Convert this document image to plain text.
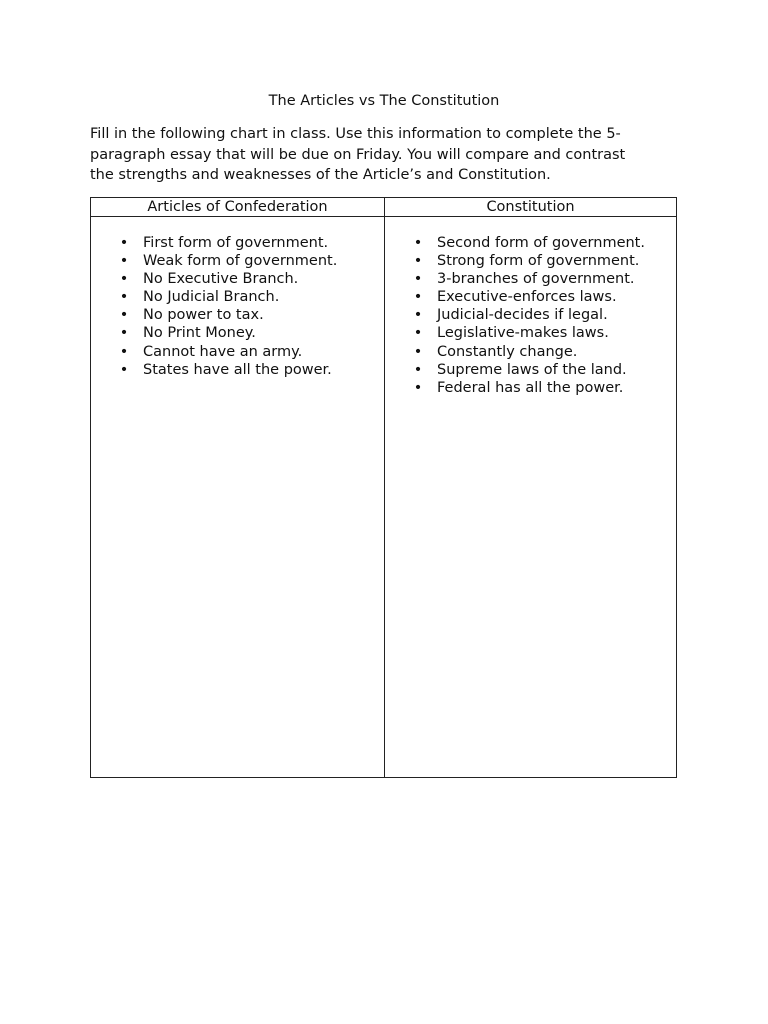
The Articles vs The Constitution

Fill in the following chart in class. Use this information to complete the 5-
paragraph essay that will be due on Friday. You will compare and contrast
the strengths and weaknesses of the Article’s and Constitution.

Articles of Confederation
• First form of government.
• Weak form of government.
• No Executive Branch.
• No Judicial Branch.
• No power to tax.
• No Print Money.
• Cannot have an army.
• States have all the power.
Constitution
• Second form of government.
• Strong form of government.
• 3-branches of government.
• Executive-enforces laws.
• Judicial-decides if legal.
• Legislative-makes laws.
• Constantly change.
• Supreme laws of the land.
• Federal has all the power.
